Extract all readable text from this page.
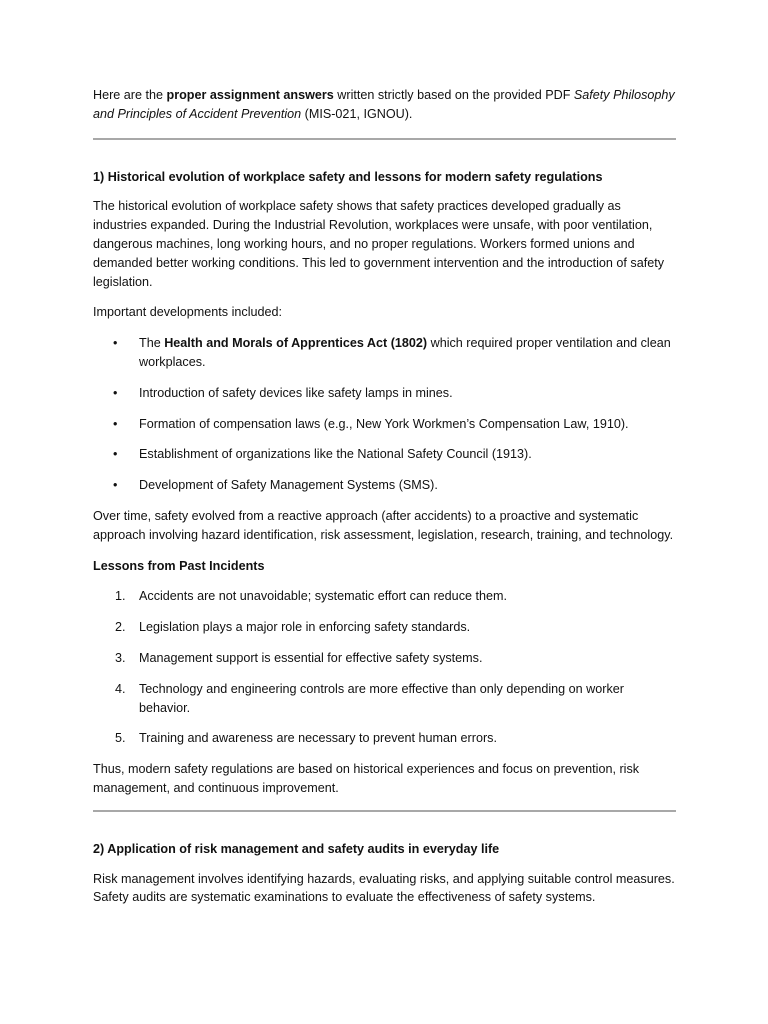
Here are the proper assignment answers written strictly based on the provided PDF Safety Philosophy and Principles of Accident Prevention (MIS-021, IGNOU).

1) Historical evolution of workplace safety and lessons for modern safety regulations

The historical evolution of workplace safety shows that safety practices developed gradually as industries expanded. During the Industrial Revolution, workplaces were unsafe, with poor ventilation, dangerous machines, long working hours, and no proper regulations. Workers formed unions and demanded better working conditions. This led to government intervention and the introduction of safety legislation.

Important developments included:

• The Health and Morals of Apprentices Act (1802) which required proper ventilation and clean workplaces.
• Introduction of safety devices like safety lamps in mines.
• Formation of compensation laws (e.g., New York Workmen’s Compensation Law, 1910).
• Establishment of organizations like the National Safety Council (1913).
• Development of Safety Management Systems (SMS).

Over time, safety evolved from a reactive approach (after accidents) to a proactive and systematic approach involving hazard identification, risk assessment, legislation, research, training, and technology.

Lessons from Past Incidents

1. Accidents are not unavoidable; systematic effort can reduce them.
2. Legislation plays a major role in enforcing safety standards.
3. Management support is essential for effective safety systems.
4. Technology and engineering controls are more effective than only depending on worker behavior.
5. Training and awareness are necessary to prevent human errors.

Thus, modern safety regulations are based on historical experiences and focus on prevention, risk management, and continuous improvement.

2) Application of risk management and safety audits in everyday life

Risk management involves identifying hazards, evaluating risks, and applying suitable control measures. Safety audits are systematic examinations to evaluate the effectiveness of safety systems.
